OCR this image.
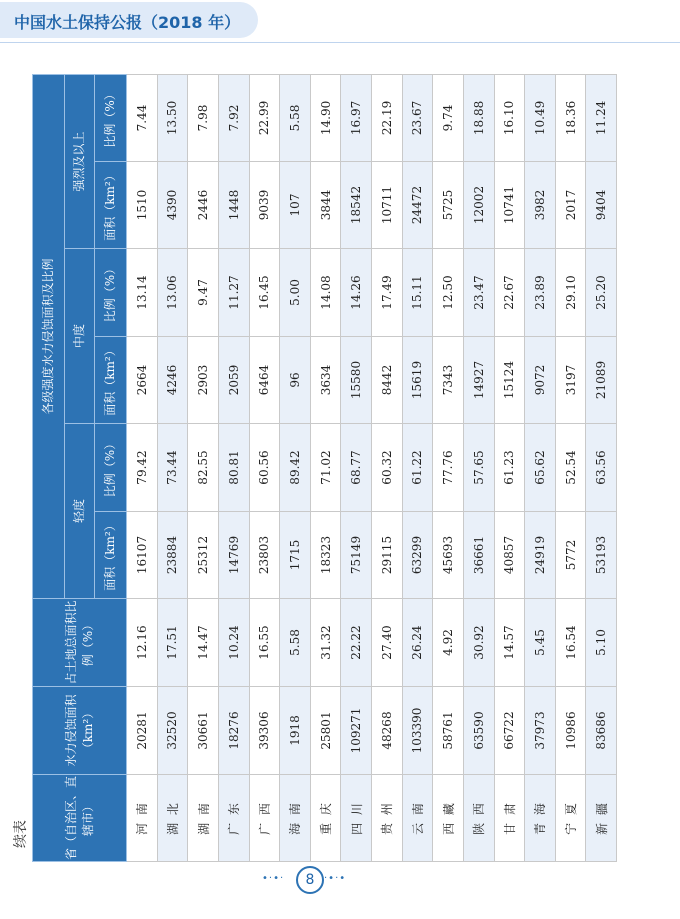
中国水土保持公报（2018 年）
续表	省（自治区、直辖市）	水力侵蚀面积（km²）	占土地总面积比例（%）	各级强度水力侵蚀面积及比例					
			轻度		中度		强烈及以上	
			面积（km²）	比例（%）	面积（km²）	比例（%）	面积（km²）	比例（%）
河 南	20281	12.16	16107	79.42	2664	13.14	1510	7.44
湖 北	32520	17.51	23884	73.44	4246	13.06	4390	13.50
湖 南	30661	14.47	25312	82.55	2903	9.47	2446	7.98
广 东	18276	10.24	14769	80.81	2059	11.27	1448	7.92
广 西	39306	16.55	23803	60.56	6464	16.45	9039	22.99
海 南	1918	5.58	1715	89.42	96	5.00	107	5.58
重 庆	25801	31.32	18323	71.02	3634	14.08	3844	14.90
四 川	109271	22.22	75149	68.77	15580	14.26	18542	16.97
贵 州	48268	27.40	29115	60.32	8442	17.49	10711	22.19
云 南	103390	26.24	63299	61.22	15619	15.11	24472	23.67
西 藏	58761	4.92	45693	77.76	7343	12.50	5725	9.74
陕 西	63590	30.92	36661	57.65	14927	23.47	12002	18.88
甘 肃	66722	14.57	40857	61.23	15124	22.67	10741	16.10
青 海	37973	5.45	24919	65.62	9072	23.89	3982	10.49
宁 夏	10986	16.54	5772	52.54	3197	29.10	2017	18.36
新 疆	83686	5.10	53193	63.56	21089	25.20	9404	11.24
•·•·	8 ·•·•
